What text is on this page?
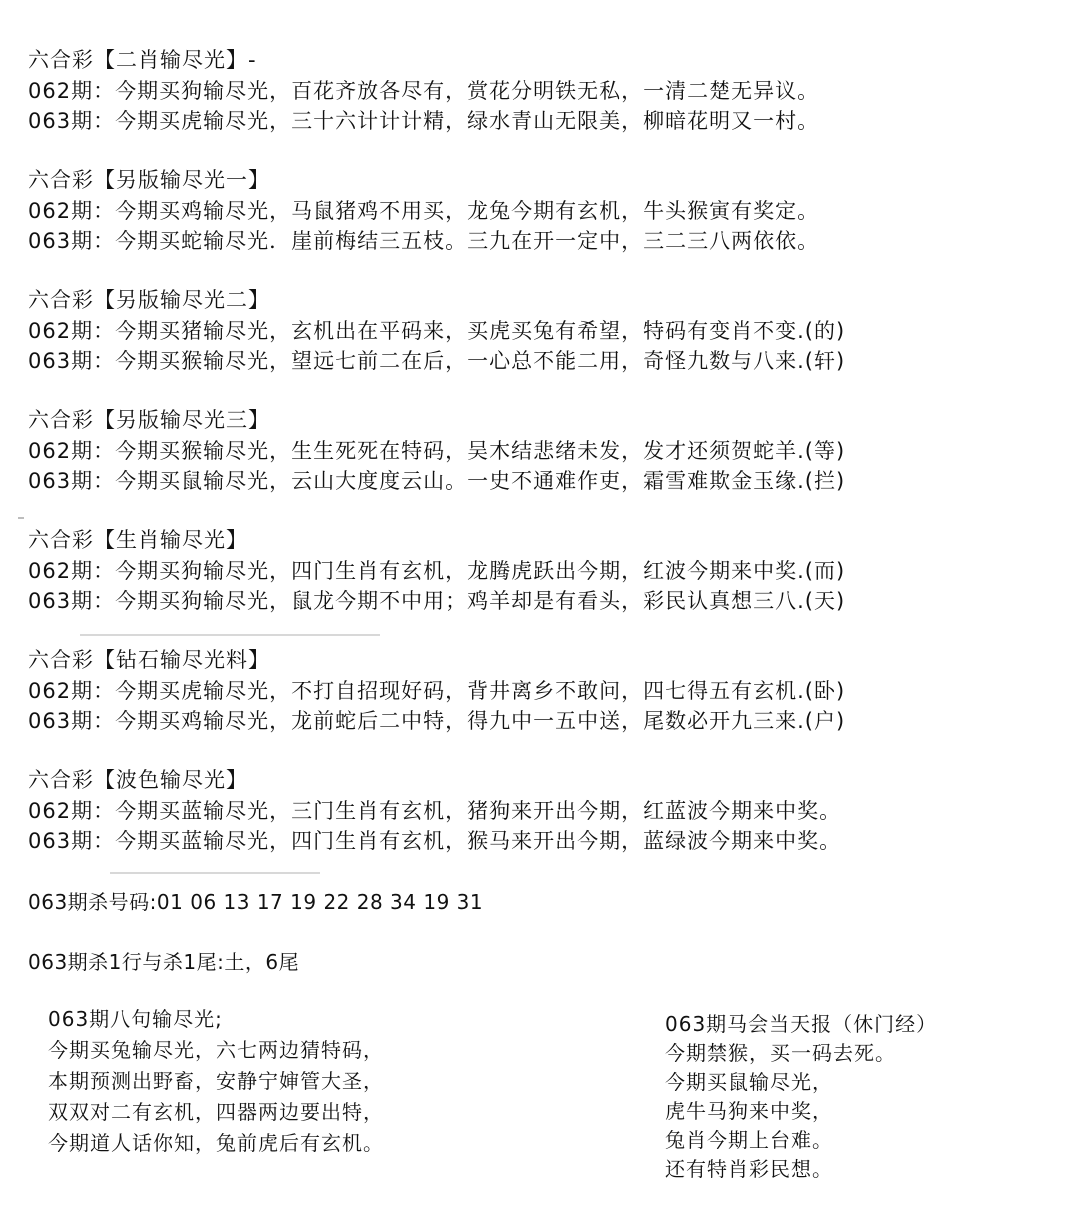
六合彩【二肖输尽光】-
062期：今期买狗输尽光，百花齐放各尽有，赏花分明铁无私，一清二楚无异议。
063期：今期买虎输尽光，三十六计计计精，绿水青山无限美，柳暗花明又一村。
六合彩【另版输尽光一】
062期：今期买鸡输尽光，马鼠猪鸡不用买，龙兔今期有玄机，牛头猴寅有奖定。
063期：今期买蛇输尽光．崖前梅结三五枝。三九在开一定中，三二三八两依依。
六合彩【另版输尽光二】
062期：今期买猪输尽光，玄机出在平码来，买虎买兔有希望，特码有变肖不变.(的)
063期：今期买猴输尽光，望远七前二在后，一心总不能二用，奇怪九数与八来.(轩)
六合彩【另版输尽光三】
062期：今期买猴输尽光，生生死死在特码，吴木结悲绪未发，发才还须贺蛇羊.(等)
063期：今期买鼠输尽光，云山大度度云山。一史不通难作吏，霜雪难欺金玉缘.(拦)
六合彩【生肖输尽光】
062期：今期买狗输尽光，四门生肖有玄机，龙腾虎跃出今期，红波今期来中奖.(而)
063期：今期买狗输尽光，鼠龙今期不中用；鸡羊却是有看头，彩民认真想三八.(天)
六合彩【钻石输尽光料】
062期：今期买虎输尽光，不打自招现好码，背井离乡不敢问，四七得五有玄机.(卧)
063期：今期买鸡输尽光，龙前蛇后二中特，得九中一五中送，尾数必开九三来.(户)
六合彩【波色输尽光】
062期：今期买蓝输尽光，三门生肖有玄机，猪狗来开出今期，红蓝波今期来中奖。
063期：今期买蓝输尽光，四门生肖有玄机，猴马来开出今期，蓝绿波今期来中奖。
063期杀号码:01 06 13 17 19 22 28 34 19 31
063期杀1行与杀1尾:土，6尾
063期八句输尽光;
今期买兔输尽光，六七两边猜特码，
本期预测出野畜，安静宁婶管大圣，
双双对二有玄机，四器两边要出特，
今期道人话你知，兔前虎后有玄机。
063期马会当天报（休门经）
今期禁猴，买一码去死。
今期买鼠输尽光，
虎牛马狗来中奖，
兔肖今期上台难。
还有特肖彩民想。
